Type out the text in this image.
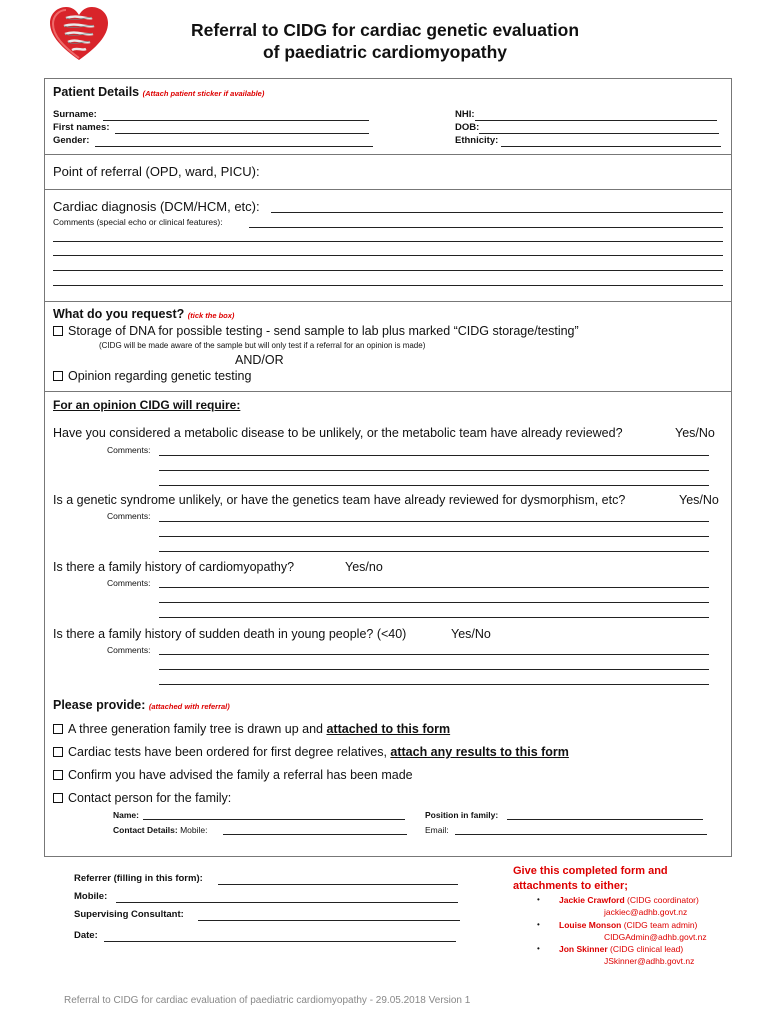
Referral to CIDG for cardiac genetic evaluation
of paediatric cardiomyopathy
Patient Details (Attach patient sticker if available)
Surname:
First names:
Gender:
NHI:
DOB:
Ethnicity:
Point of referral (OPD, ward, PICU):
Cardiac diagnosis (DCM/HCM, etc):
Comments (special echo or clinical features):
What do you request? (tick the box)
Storage of DNA for possible testing - send sample to lab plus marked “CIDG storage/testing”
(CIDG will be made aware of the sample but will only test if a referral for an opinion is made)
AND/OR
Opinion regarding genetic testing
For an opinion CIDG will require:
Have you considered a metabolic disease to be unlikely, or the metabolic team have already reviewed?	Yes/No
Comments:
Is a genetic syndrome unlikely, or have the genetics team have already reviewed for dysmorphism, etc?	Yes/No
Comments:
Is there a family history of cardiomyopathy?	Yes/no
Comments:
Is there a family history of sudden death in young people? (<40)	Yes/No
Comments:
Please provide: (attached with referral)
A three generation family tree is drawn up and attached to this form
Cardiac tests have been ordered for first degree relatives, attach any results to this form
Confirm you have advised the family a referral has been made
Contact person for the family:
Name:	Position in family:
Contact Details: Mobile:	Email:
Referrer (filling in this form):
Mobile:
Supervising Consultant:
Date:
Give this completed form and
attachments to either;
• Jackie Crawford (CIDG coordinator)
jackiec@adhb.govt.nz
• Louise Monson (CIDG team admin)
CIDGAdmin@adhb.govt.nz
• Jon Skinner (CIDG clinical lead)
JSkinner@adhb.govt.nz
Referral to CIDG for cardiac evaluation of paediatric cardiomyopathy - 29.05.2018 Version 1
